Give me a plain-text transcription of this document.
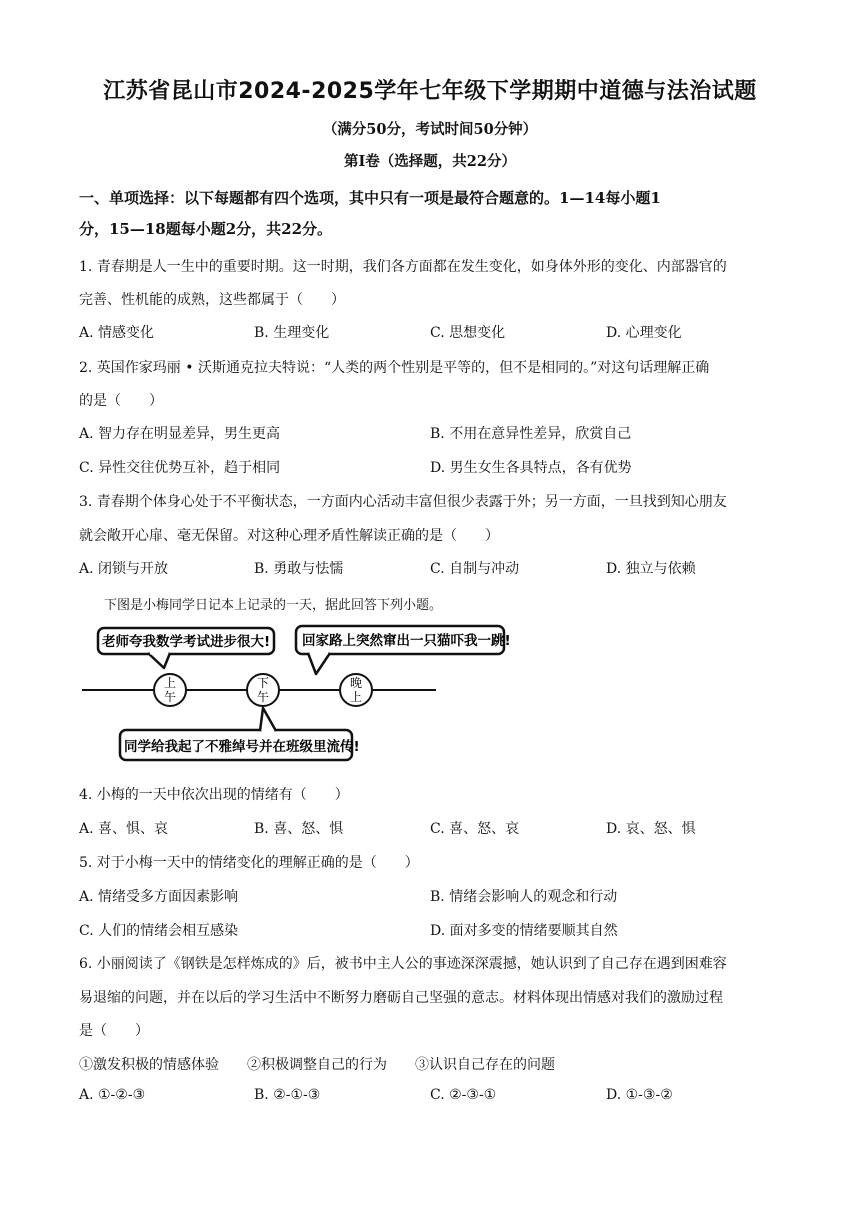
江苏省昆山市2024-2025学年七年级下学期期中道德与法治试题
（满分50分，考试时间50分钟）
第Ⅰ卷（选择题，共22分）
一、单项选择：以下每题都有四个选项，其中只有一项是最符合题意的。1—14每小题1
分，15—18题每小题2分，共22分。
1. 青春期是人一生中的重要时期。这一时期，我们各方面都在发生变化，如身体外形的变化、内部器官的
完善、性机能的成熟，这些都属于（　　）
A. 情感变化	B. 生理变化	C. 思想变化	D. 心理变化
2. 英国作家玛丽 • 沃斯通克拉夫特说：“人类的两个性别是平等的，但不是相同的。”对这句话理解正确
的是（　　）
A. 智力存在明显差异，男生更高	B. 不用在意异性差异，欣赏自己
C. 异性交往优势互补，趋于相同	D. 男生女生各具特点，各有优势
3. 青春期个体身心处于不平衡状态，一方面内心活动丰富但很少表露于外；另一方面，一旦找到知心朋友
就会敞开心扉、毫无保留。对这种心理矛盾性解读正确的是（　　）
A. 闭锁与开放	B. 勇敢与怯懦	C. 自制与冲动	D. 独立与依赖
下图是小梅同学日记本上记录的一天，据此回答下列小题。
老师夸我数学考试进步很大! 回家路上突然窜出一只猫吓我一跳!
上
午
下
午
晚
上
同学给我起了不雅绰号并在班级里流传!
4. 小梅的一天中依次出现的情绪有（　　）
A. 喜、惧、哀	B. 喜、怒、惧	C. 喜、怒、哀	D. 哀、怒、惧
5. 对于小梅一天中的情绪变化的理解正确的是（　　）
A. 情绪受多方面因素影响	B. 情绪会影响人的观念和行动
C. 人们的情绪会相互感染	D. 面对多变的情绪要顺其自然
6. 小丽阅读了《钢铁是怎样炼成的》后，被书中主人公的事迹深深震撼，她认识到了自己存在遇到困难容
易退缩的问题，并在以后的学习生活中不断努力磨砺自己坚强的意志。材料体现出情感对我们的激励过程
是（　　）
①激发积极的情感体验　　②积极调整自己的行为　　③认识自己存在的问题
A. ①-②-③	B. ②-①-③	C. ②-③-①	D. ①-③-②
